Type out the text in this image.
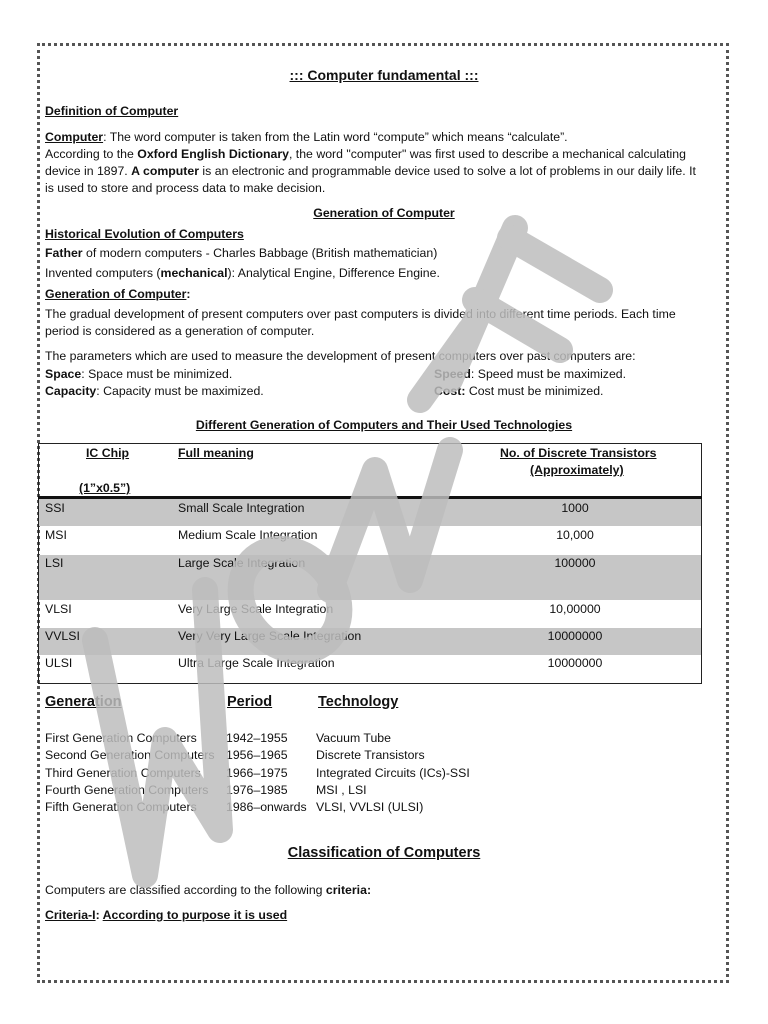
::: Computer fundamental :::
Definition of Computer
Computer: The word computer is taken from the Latin word “compute” which means “calculate”.
According to the Oxford English Dictionary, the word "computer" was first used to describe a mechanical calculating
device in 1897. A computer is an electronic and programmable device used to solve a lot of problems in our daily life. It
is used to store and process data to make decision.
Generation of Computer
Historical Evolution of Computers
Father of modern computers - Charles Babbage (British mathematician)
Invented computers (mechanical): Analytical Engine, Difference Engine.
Generation of Computer:
The gradual development of present computers over past computers is divided into different time periods. Each time
period is considered as a generation of computer.
The parameters which are used to measure the development of present computers over past computers are:
Space: Space must be minimized.	Speed: Speed must be maximized.
Capacity: Capacity must be maximized.	Cost: Cost must be minimized.
Different Generation of Computers and Their Used Technologies
IC Chip
(1”x0.5”)
Full meaning	No. of Discrete Transistors
(Approximately)
SSI	Small Scale Integration	1000
MSI	Medium Scale Integration	10,000
LSI	Large Scale Integration	100000
VLSI	Very Large Scale Integration	10,00000
VVLSI	Very Very Large Scale Integration	10000000
ULSI	Ultra Large Scale Integration	10000000
Generation	Period	Technology
First Generation Computers 1942–1955 Vacuum Tube
Second Generation Computers 1956–1965 Discrete Transistors
Third Generation Computers 1966–1975 Integrated Circuits (ICs)-SSI
Fourth Generation Computers 1976–1985 MSI , LSI
Fifth Generation Computers 1986–onwards VLSI, VVLSI (ULSI)
Classification of Computers
Computers are classified according to the following criteria:
Criteria-I: According to purpose it is used
